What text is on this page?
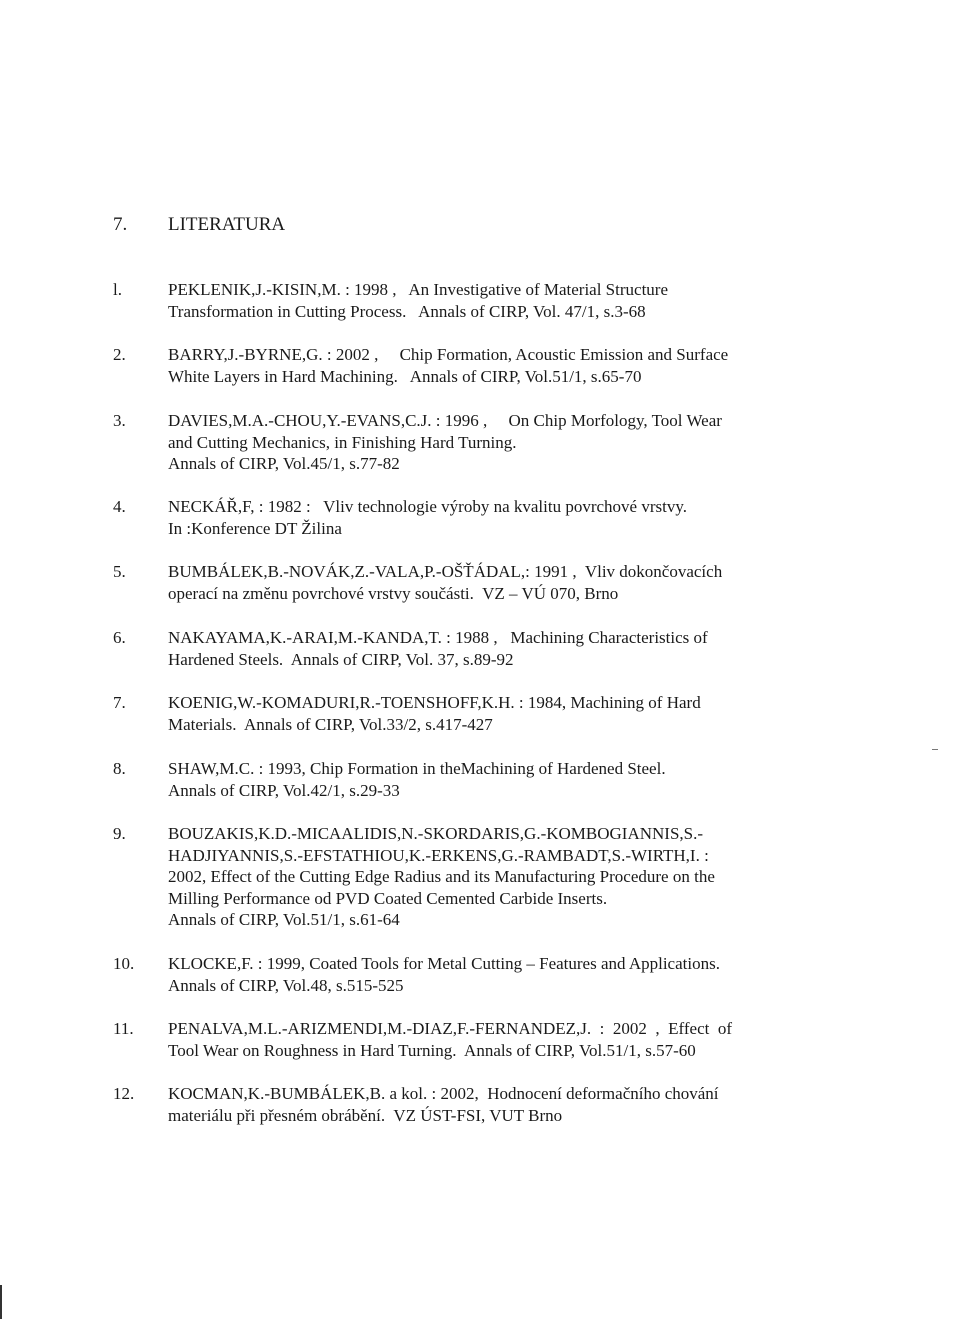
7. LITERATURA
l.	PEKLENIK,J.-KISIN,M. : 1998 ,   An Investigative of Material Structure
Transformation in Cutting Process.   Annals of CIRP, Vol. 47/1, s.3-68
2.	BARRY,J.-BYRNE,G. : 2002 ,     Chip Formation, Acoustic Emission and Surface
White Layers in Hard Machining.   Annals of CIRP, Vol.51/1, s.65-70
3.	DAVIES,M.A.-CHOU,Y.-EVANS,C.J. : 1996 ,     On Chip Morfology, Tool Wear
and Cutting Mechanics, in Finishing Hard Turning.
Annals of CIRP, Vol.45/1, s.77-82
4.	NECKÁŘ,F, : 1982 :   Vliv technologie výroby na kvalitu povrchové vrstvy.
In :Konference DT Žilina
5.	BUMBÁLEK,B.-NOVÁK,Z.-VALA,P.-OŠŤÁDAL,: 1991 ,  Vliv dokončovacích
operací na změnu povrchové vrstvy součásti.  VZ – VÚ 070, Brno
6.	NAKAYAMA,K.-ARAI,M.-KANDA,T. : 1988 ,   Machining Characteristics of
Hardened Steels.  Annals of CIRP, Vol. 37, s.89-92
7.	KOENIG,W.-KOMADURI,R.-TOENSHOFF,K.H. : 1984, Machining of Hard
Materials.  Annals of CIRP, Vol.33/2, s.417-427
8.	SHAW,M.C. : 1993, Chip Formation in theMachining of Hardened Steel.
Annals of CIRP, Vol.42/1, s.29-33
9.	BOUZAKIS,K.D.-MICAALIDIS,N.-SKORDARIS,G.-KOMBOGIANNIS,S.-
HADJIYANNIS,S.-EFSTATHIOU,K.-ERKENS,G.-RAMBADT,S.-WIRTH,I. :
2002, Effect of the Cutting Edge Radius and its Manufacturing Procedure on the
Milling Performance od PVD Coated Cemented Carbide Inserts.
Annals of CIRP, Vol.51/1, s.61-64
10.	KLOCKE,F. : 1999, Coated Tools for Metal Cutting – Features and Applications.
Annals of CIRP, Vol.48, s.515-525
11.	PENALVA,M.L.-ARIZMENDI,M.-DIAZ,F.-FERNANDEZ,J.  :  2002  ,  Effect  of
Tool Wear on Roughness in Hard Turning.  Annals of CIRP, Vol.51/1, s.57-60
12.	KOCMAN,K.-BUMBÁLEK,B. a kol. : 2002,  Hodnocení deformačního chování
materiálu při přesném obrábění.  VZ ÚST-FSI, VUT Brno
